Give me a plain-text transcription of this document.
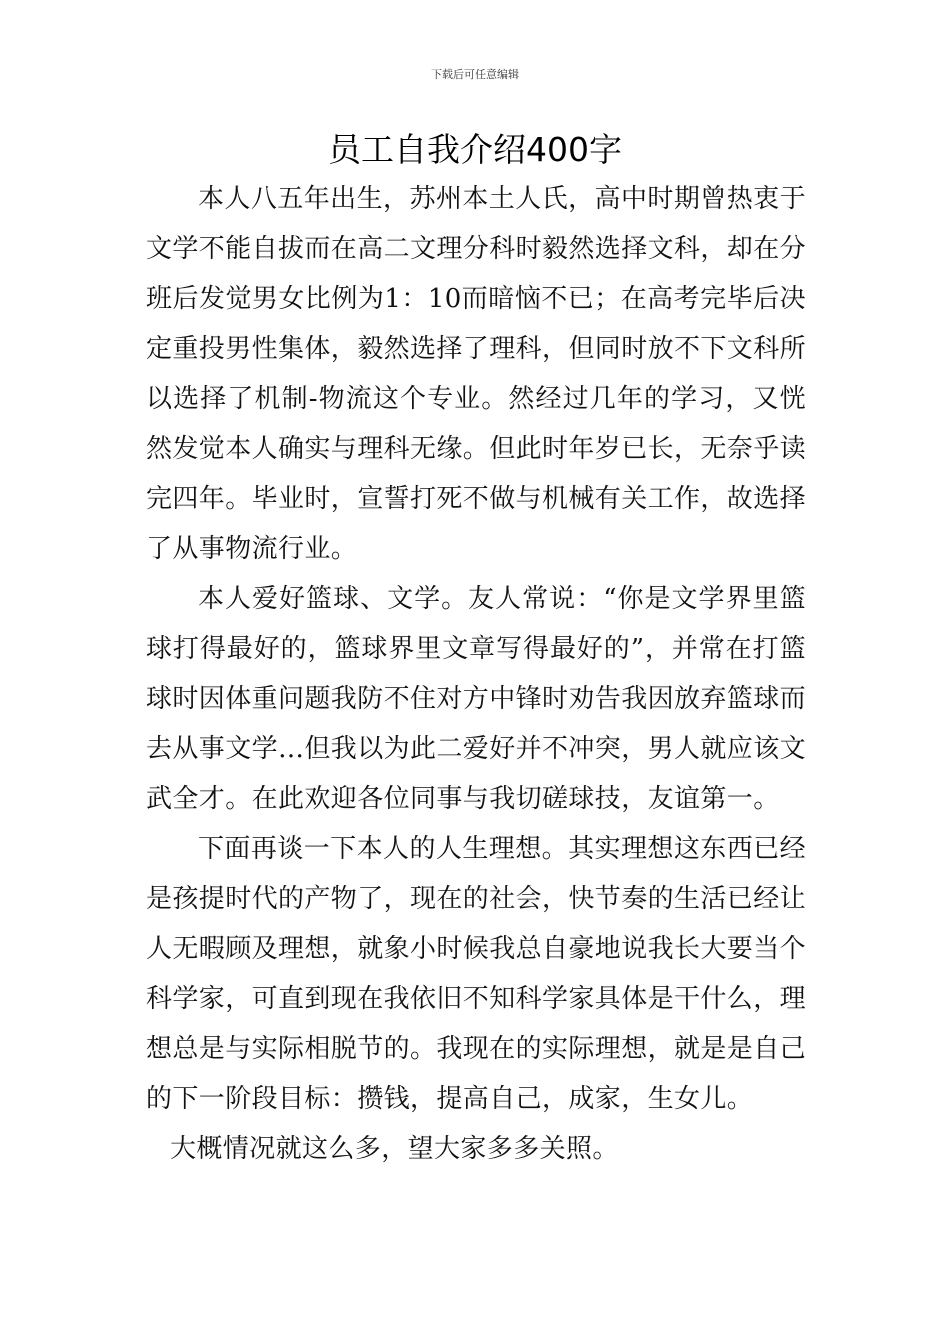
下载后可任意编辑
员工自我介绍400字

本人八五年出生，苏州本土人氏，高中时期曾热衷于文学不能自拔而在高二文理分科时毅然选择文科，却在分班后发觉男女比例为1：10而暗恼不已；在高考完毕后决定重投男性集体，毅然选择了理科，但同时放不下文科所以选择了机制-物流这个专业。然经过几年的学习，又恍然发觉本人确实与理科无缘。但此时年岁已长，无奈乎读完四年。毕业时，宣誓打死不做与机械有关工作，故选择了从事物流行业。

本人爱好篮球、文学。友人常说：“你是文学界里篮球打得最好的，篮球界里文章写得最好的”，并常在打篮球时因体重问题我防不住对方中锋时劝告我因放弃篮球而去从事文学…但我以为此二爱好并不冲突，男人就应该文武全才。在此欢迎各位同事与我切磋球技，友谊第一。

下面再谈一下本人的人生理想。其实理想这东西已经是孩提时代的产物了，现在的社会，快节奏的生活已经让人无暇顾及理想，就象小时候我总自豪地说我长大要当个科学家，可直到现在我依旧不知科学家具体是干什么，理想总是与实际相脱节的。我现在的实际理想，就是是自己的下一阶段目标：攒钱，提高自己，成家，生女儿。

大概情况就这么多，望大家多多关照。
